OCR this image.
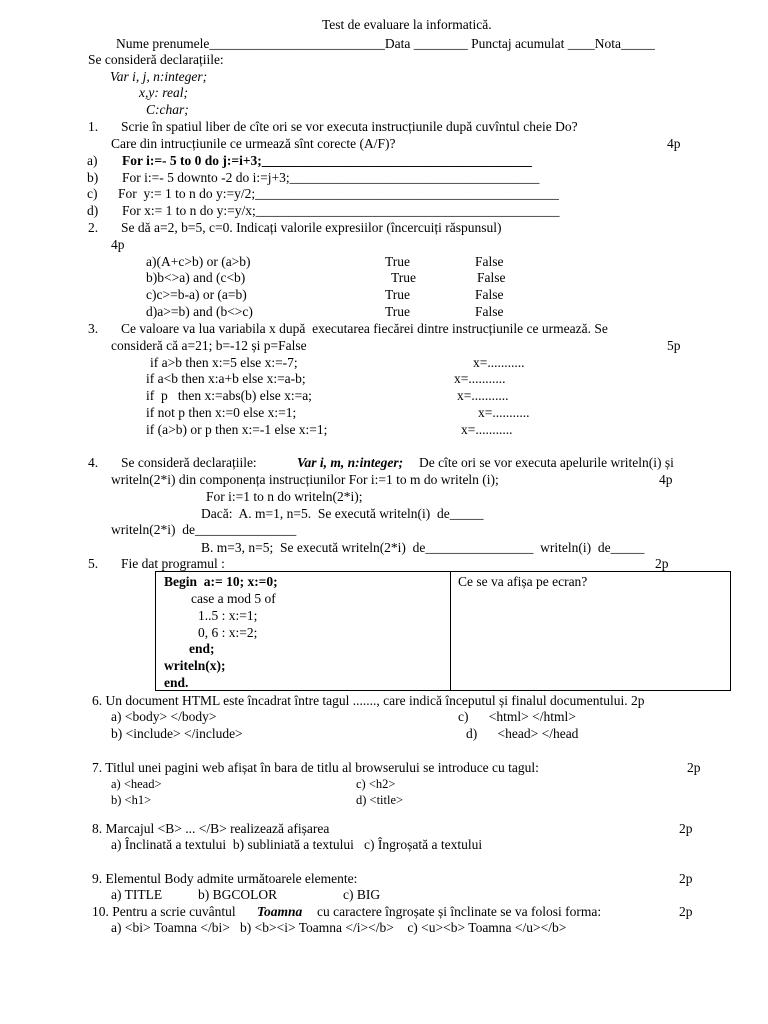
Test de evaluare la informatică.
Nume prenumele__________________________Data ________ Punctaj acumulat ____Nota_____
Se consideră declarațiile:
Var i, j, n:integer;
x,y: real;
C:char;
1. Scrie în spatiul liber de cîte ori se vor executa instrucțiunile după cuvîntul cheie Do?
Care din intrucțiunile ce urmează sînt corecte (A/F)?	4p
a) For i:=- 5 to 0 do j:=i+3;________________________________________
b) For i:=- 5 downto -2 do i:=j+3;_____________________________________
c) For  y:= 1 to n do y:=y/2;_____________________________________________
d) For x:= 1 to n do y:=y/x;_____________________________________________
2. Se dă a=2, b=5, c=0. Indicați valorile expresiilor (încercuiți răspunsul)
4p
a)(A+c>b) or (a>b)	True	False
b)b<>a) and (c<b)	True	False
c)c>=b-a) or (a=b)	True	False
d)a>=b) and (b<>c)	True	False
3. Ce valoare va lua variabila x după  executarea fiecărei dintre instrucțiunile ce urmează. Se
consideră că a=21; b=-12 și p=False	5p
if a>b then x:=5 else x:=-7;	x=...........
if a<b then x:a+b else x:=a-b;	x=...........
if  p   then x:=abs(b) else x:=a;	x=...........
if not p then x:=0 else x:=1;	x=...........
if (a>b) or p then x:=-1 else x:=1;	x=...........
4. Se consideră declarațiile:	Var i, m, n:integer; De cîte ori se vor executa apelurile writeln(i) și
writeln(2*i) din componența instrucțiunilor For i:=1 to m do writeln (i);	4p
For i:=1 to n do writeln(2*i);
Dacă:  A. m=1, n=5.  Se execută writeln(i)  de_____
writeln(2*i)  de_______________
B. m=3, n=5;  Se execută writeln(2*i)  de________________  writeln(i)  de_____
5. Fie dat programul :	2p
Begin  a:= 10; x:=0;
case a mod 5 of
1..5 : x:=1;
0, 6 : x:=2;
end;
writeln(x);
end.
Ce se va afișa pe ecran?
6. Un document HTML este încadrat între tagul ......., care indică începutul și finalul documentului. 2p
a) <body> </body>	c)      <html> </html>
b) <include> </include>	d)      <head> </head
7. Titlul unei pagini web afișat în bara de titlu al browserului se introduce cu tagul:	2p
a) <head>	c) <h2>
b) <h1>	d) <title>
8. Marcajul <B> ... </B> realizează afișarea	2p
a) Înclinată a textului  b) subliniată a textului   c) Îngroșată a textului
9. Elementul Body admite următoarele elemente:	2p
a) TITLE	b) BGCOLOR	c) BIG
10. Pentru a scrie cuvântul Toamna cu caractere îngroșate și înclinate se va folosi forma:	2p
a) <bi> Toamna </bi>   b) <b><i> Toamna </i></b>    c) <u><b> Toamna </u></b>
